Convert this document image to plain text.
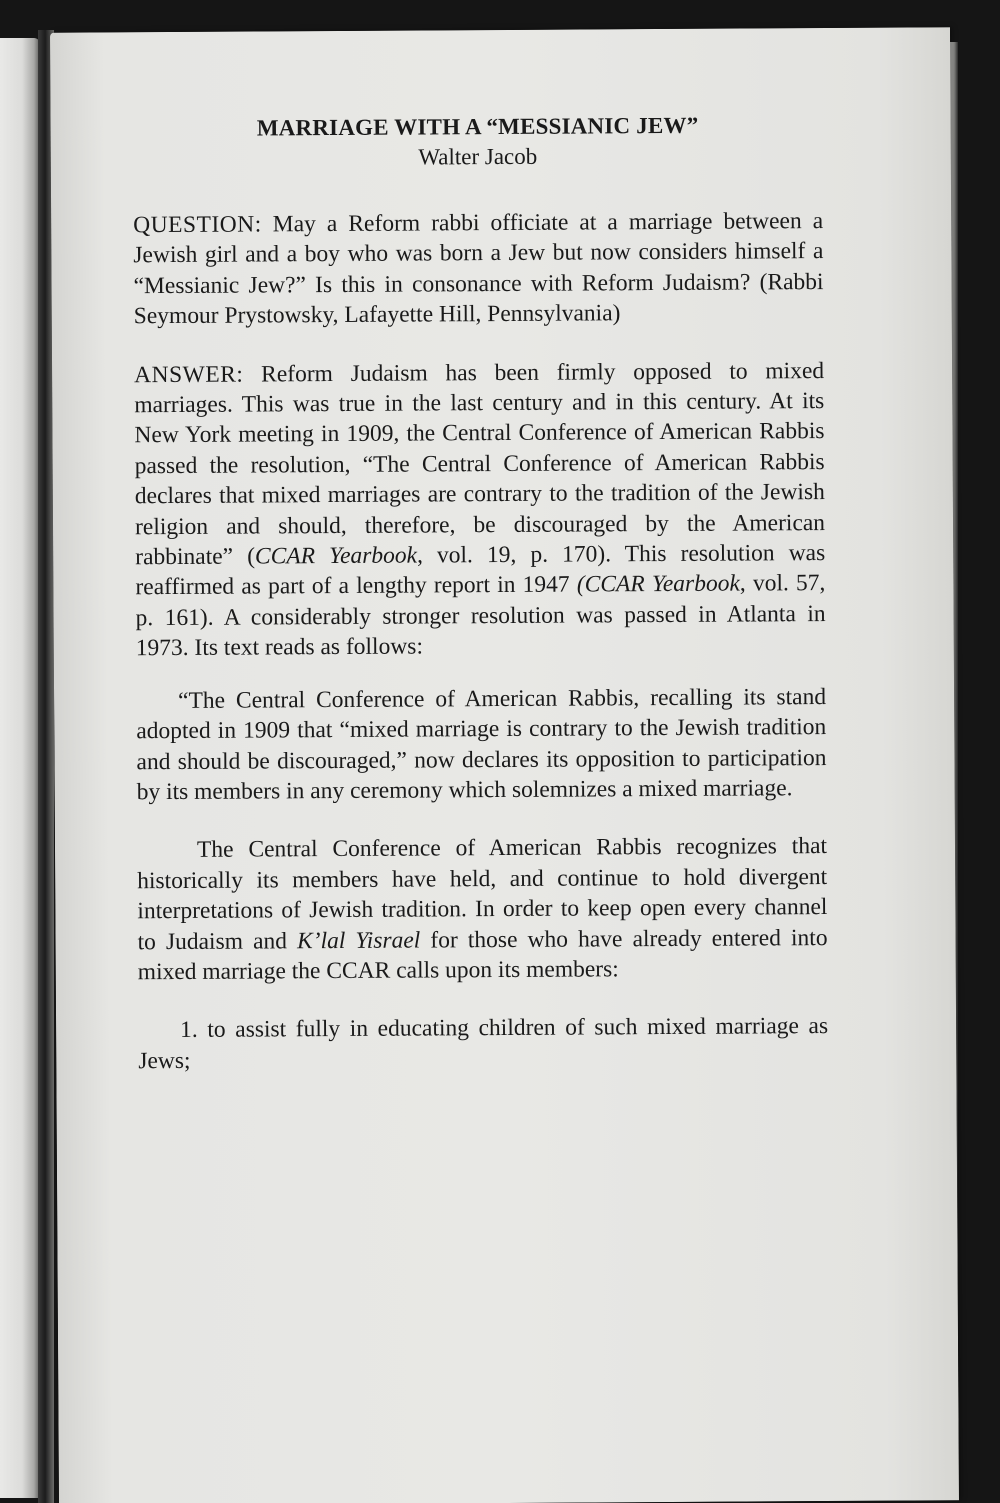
MARRIAGE WITH A “MESSIANIC JEW”
Walter Jacob

QUESTION: May a Reform rabbi officiate at a marriage between a Jewish girl and a boy who was born a Jew but now considers himself a “Messianic Jew?” Is this in consonance with Reform Judaism? (Rabbi Seymour Prystowsky, Lafayette Hill, Pennsylvania)

ANSWER: Reform Judaism has been firmly opposed to mixed marriages. This was true in the last century and in this century. At its New York meeting in 1909, the Central Conference of American Rabbis passed the resolution, “The Central Conference of American Rabbis declares that mixed marriages are contrary to the tradition of the Jewish religion and should, therefore, be discouraged by the American rabbinate” (CCAR Yearbook, vol. 19, p. 170). This resolution was reaffirmed as part of a lengthy report in 1947 (CCAR Yearbook, vol. 57, p. 161). A considerably stronger resolution was passed in Atlanta in 1973. Its text reads as follows:

“The Central Conference of American Rabbis, recalling its stand adopted in 1909 that “mixed marriage is contrary to the Jewish tradition and should be discouraged,” now declares its opposition to participation by its members in any ceremony which solemnizes a mixed marriage.

The Central Conference of American Rabbis recognizes that historically its members have held, and continue to hold divergent interpretations of Jewish tradition. In order to keep open every channel to Judaism and K’lal Yisrael for those who have already entered into mixed marriage the CCAR calls upon its members:

1. to assist fully in educating children of such mixed marriage as Jews;
